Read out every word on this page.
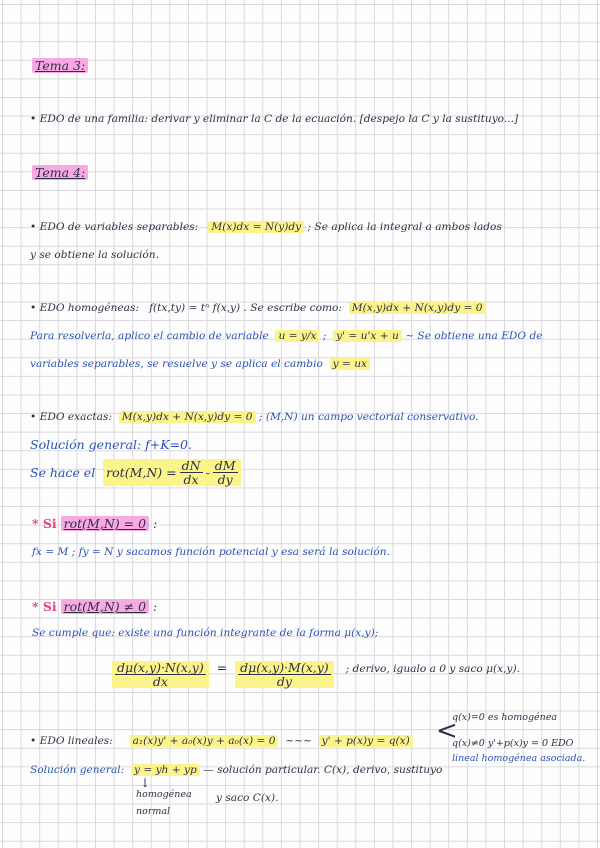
Tema 3:
• EDO de una familia: derivar y eliminar la C de la ecuación. [despejo la C y la sustituyo...]
Tema 4:
• EDO de variables separables: M(x)dx = N(y)dy ; Se aplica la integral a ambos lados
y se obtiene la solución.
• EDO homogéneas: f(tx,ty) = tⁿ f(x,y) . Se escribe como: M(x,y)dx + N(x,y)dy = 0
Para resolverla, aplico el cambio de variable u = y/x ; y' = u'x + u ~ Se obtiene una EDO de
variables separables, se resuelve y se aplica el cambio y = ux
• EDO exactas: M(x,y)dx + N(x,y)dy = 0 ; (M,N) un campo vectorial conservativo.
Solución general: f+K=0.
Se hace el $rot(M,N) = \frac{dN}{dx} - \frac{dM}{dy}$
* Si rot(M,N) = 0 :
fx = M ; fy = N y sacamos función potencial y esa será la solución.
* Si rot(M,N) ≠ 0 :
Se cumple que: existe una función integrante de la forma μ(x,y);
$\frac{d\mu(x,y)\cdot N(x,y)}{dx} = \frac{d\mu(x,y)\cdot M(x,y)}{dy}$ ; derivo, igualo a 0 y saco μ(x,y).
• EDO lineales: a₁(x)y' + a₀(x)y + a₀(x) = 0 ~~~ y' + p(x)y = q(x) <
q(x)=0 es homogénea
q(x)≠0 y'+p(x)y = 0 EDO
lineal homogénea asociada.
Solución general: y = yh + yp — solución particular. C(x), derivo, sustituyo
↓
homogénea
normal
y saco C(x).
